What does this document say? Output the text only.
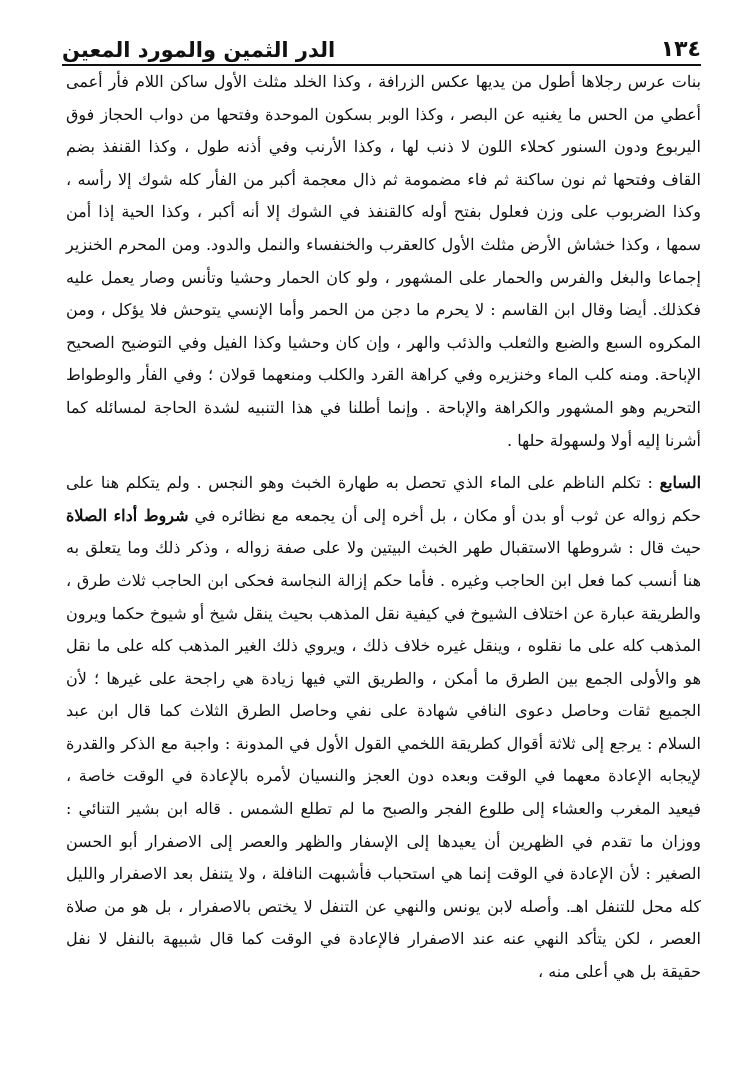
١٣٤
الدر الثمين والمورد المعين

بنات عرس رجلاها أطول من يديها عكس الزرافة ، وكذا الخلد مثلث الأول ساكن اللام فأر أعمى أعطي من الحس ما يغنيه عن البصر ، وكذا الوبر بسكون الموحدة وفتحها من دواب الحجاز فوق اليربوع ودون السنور كحلاء اللون لا ذنب لها ، وكذا الأرنب وفي أذنه طول ، وكذا القنفذ بضم القاف وفتحها ثم نون ساكنة ثم فاء مضمومة ثم ذال معجمة أكبر من الفأر كله شوك إلا رأسه ، وكذا الضربوب على وزن فعلول بفتح أوله كالقنفذ في الشوك إلا أنه أكبر ، وكذا الحية إذا أمن سمها ، وكذا خشاش الأرض مثلث الأول كالعقرب والخنفساء والنمل والدود. ومن المحرم الخنزير إجماعا والبغل والفرس والحمار على المشهور ، ولو كان الحمار وحشيا وتأنس وصار يعمل عليه فكذلك. أيضا وقال ابن القاسم : لا يحرم ما دجن من الحمر وأما الإنسي يتوحش فلا يؤكل ، ومن المكروه السبع والضبع والثعلب والذئب والهر ، وإن كان وحشيا وكذا الفيل وفي التوضيح الصحيح الإباحة. ومنه كلب الماء وخنزيره وفي كراهة القرد والكلب ومنعهما قولان ؛ وفي الفأر والوطواط التحريم وهو المشهور والكراهة والإباحة . وإنما أطلنا في هذا التنبيه لشدة الحاجة لمسائله كما أشرنا إليه أولا ولسهولة حلها .

السابع : تكلم الناظم على الماء الذي تحصل به طهارة الخبث وهو النجس . ولم يتكلم هنا على حكم زواله عن ثوب أو بدن أو مكان ، بل أخره إلى أن يجمعه مع نظائره في شروط أداء الصلاة حيث قال : شروطها الاستقبال طهر الخبث البيتين ولا على صفة زواله ، وذكر ذلك وما يتعلق به هنا أنسب كما فعل ابن الحاجب وغيره . فأما حكم إزالة النجاسة فحكى ابن الحاجب ثلاث طرق ، والطريقة عبارة عن اختلاف الشيوخ في كيفية نقل المذهب بحيث ينقل شيخ أو شيوخ حكما ويرون المذهب كله على ما نقلوه ، وينقل غيره خلاف ذلك ، ويروي ذلك الغير المذهب كله على ما نقل هو والأولى الجمع بين الطرق ما أمكن ، والطريق التي فيها زيادة هي راجحة على غيرها ؛ لأن الجميع ثقات وحاصل دعوى النافي شهادة على نفي وحاصل الطرق الثلاث كما قال ابن عبد السلام : يرجع إلى ثلاثة أقوال كطريقة اللخمي القول الأول في المدونة : واجبة مع الذكر والقدرة لإيجابه الإعادة معهما في الوقت وبعده دون العجز والنسيان لأمره بالإعادة في الوقت خاصة ، فيعيد المغرب والعشاء إلى طلوع الفجر والصبح ما لم تطلع الشمس . قاله ابن بشير التنائي : ووزان ما تقدم في الظهرين أن يعيدها إلى الإسفار والظهر والعصر إلى الاصفرار أبو الحسن الصغير : لأن الإعادة في الوقت إنما هي استحباب فأشبهت النافلة ، ولا يتنفل بعد الاصفرار والليل كله محل للتنفل اهـ. وأصله لابن يونس والنهي عن التنفل لا يختص بالاصفرار ، بل هو من صلاة العصر ، لكن يتأكد النهي عنه عند الاصفرار فالإعادة في الوقت كما قال شبيهة بالنفل لا نفل حقيقة بل هي أعلى منه ،
